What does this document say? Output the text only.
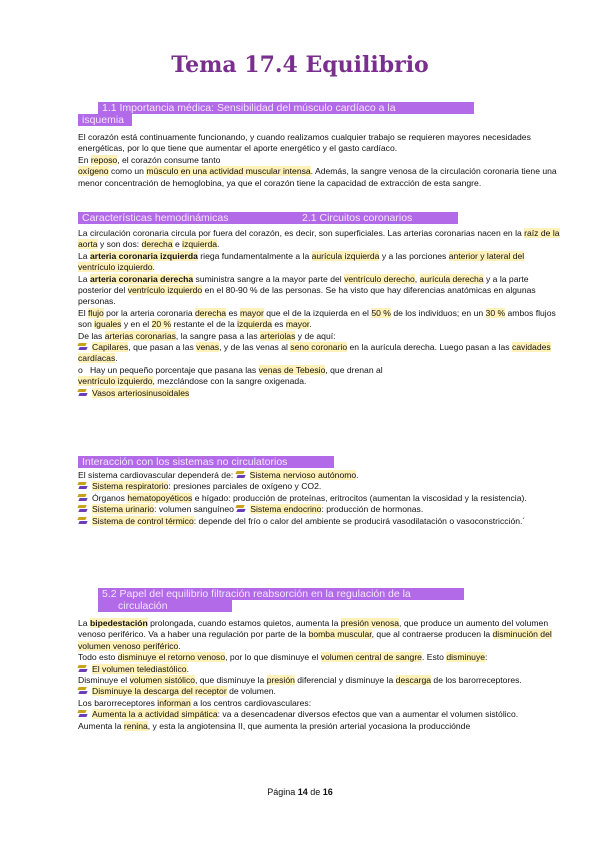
Tema 17.4 Equilibrio
1.1 Importancia médica: Sensibilidad del músculo cardíaco a la
isquemia

El corazón está continuamente funcionando, y cuando realizamos cualquier trabajo se requieren mayores necesidades energéticas, por lo que tiene que aumentar el aporte energético y el gasto cardíaco.

En reposo, el corazón consume tanto

oxígeno como un músculo en una actividad muscular intensa. Además, la sangre venosa de la circulación coronaria tiene una menor concentración de hemoglobina, ya que el corazón tiene la capacidad de extracción de esta sangre.

Características hemodinámicas	2.1 Circuitos coronarios

La circulación coronaria circula por fuera del corazón, es decir, son superficiales. Las arterias coronarias nacen en la raíz de la aorta y son dos: derecha e izquierda.

La arteria coronaria izquierda riega fundamentalmente a la aurícula izquierda y a las porciones anterior y lateral del ventrículo izquierdo.

La arteria coronaria derecha suministra sangre a la mayor parte del ventrículo derecho, aurícula derecha y a la parte posterior del ventrículo izquierdo en el 80-90 % de las personas. Se ha visto que hay diferencias anatómicas en algunas personas.

El flujo por la arteria coronaria derecha es mayor que el de la izquierda en el 50 % de los individuos; en un 30 % ambos flujos son iguales y en el 20 % restante el de la izquierda es mayor.

De las arterias coronarias, la sangre pasa a las arteriolas y de aquí:

Capilares, que pasan a las venas, y de las venas al seno coronario en la aurícula derecha. Luego pasan a las cavidades cardíacas.

o Hay un pequeño porcentaje que pasana las venas de Tebesio, que drenan al
ventrículo izquierdo, mezclándose con la sangre oxigenada.

Vasos arteriosinusoidales

Interacción con los sistemas no circulatorios

El sistema cardiovascular dependerá de: Sistema nervioso autónomo.

Sistema respiratorio: presiones parciales de oxígeno y CO2.

Órganos hematopoyéticos e hígado: producción de proteínas, eritrocitos (aumentan la viscosidad y la resistencia).

Sistema urinario: volumen sanguíneo Sistema endocrino: producción de hormonas.

Sistema de control térmico: depende del frío o calor del ambiente se producirá vasodilatación o vasoconstricción.´

5.2 Papel del equilibrio filtración reabsorción en la regulación de la
circulación

La bipedestación prolongada, cuando estamos quietos, aumenta la presión venosa, que produce un aumento del volumen venoso periférico. Va a haber una regulación por parte de la bomba muscular, que al contraerse producen la disminución del volumen venoso periférico.

Todo esto disminuye el retorno venoso, por lo que disminuye el volumen central de sangre. Esto disminuye:

El volumen telediastólico.

Disminuye el volumen sistólico, que disminuye la presión diferencial y disminuye la descarga de los barorreceptores.

Disminuye la descarga del receptor de volumen.

Los barorreceptores informan a los centros cardiovasculares:

Aumenta la a actividad simpática: va a desencadenar diversos efectos que van a aumentar el volumen sistólico.

Aumenta la renina, y esta la angiotensina II, que aumenta la presión arterial yocasiona la produccióndе

Página 14 de 16
